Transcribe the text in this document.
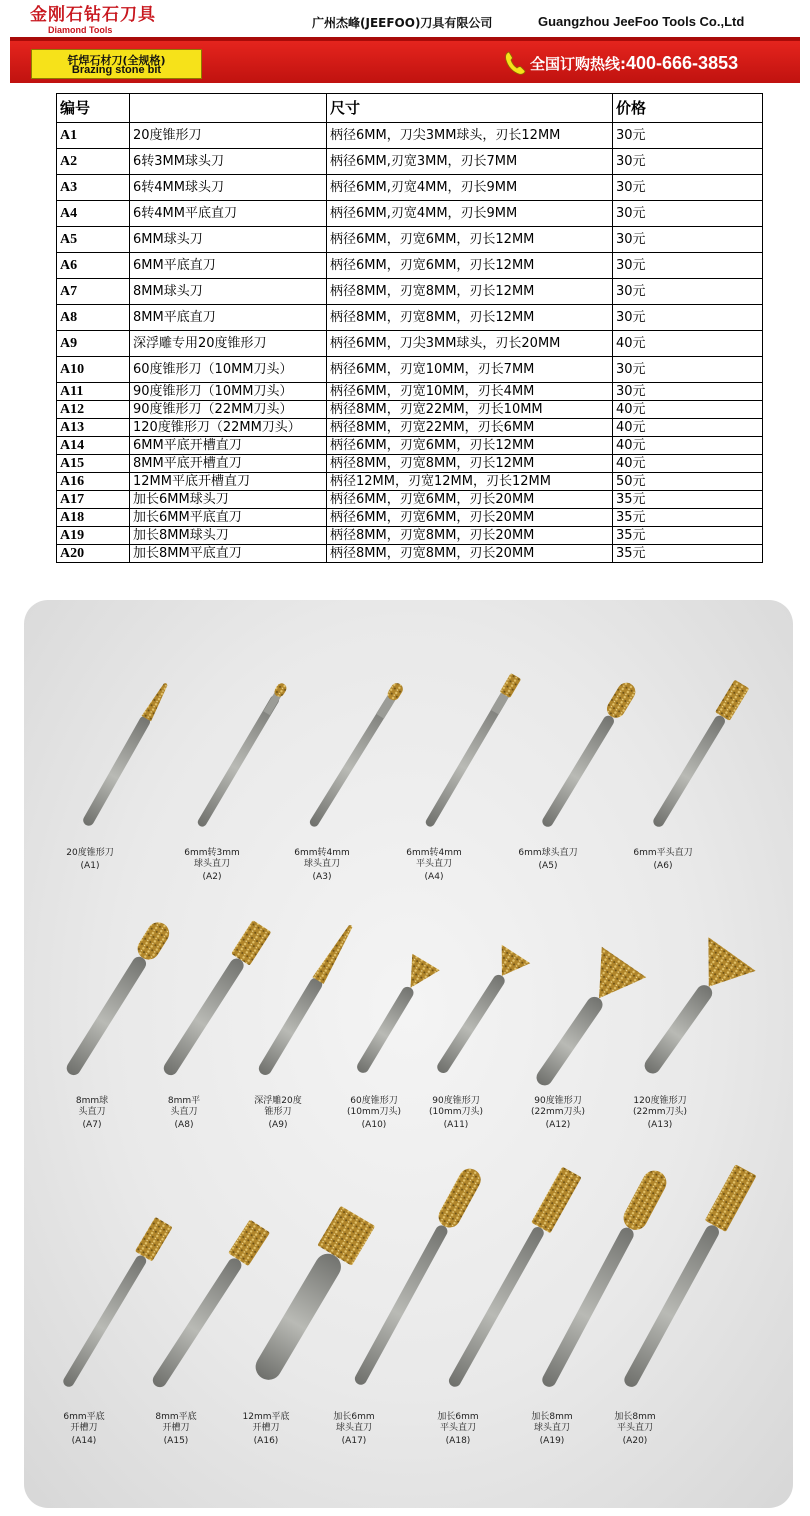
金刚石钻石刀具
Diamond Tools	广州杰峰(JEEFOO)刀具有限公司	Guangzhou JeeFoo Tools Co.,Ltd
钎焊石材刀(全规格)
Brazing stone bit	全国订购热线:400-666-3853
编号		尺寸	价格
A1	20度锥形刀	柄径6MM，刀尖3MM球头，刃长12MM	30元
A2	6转3MM球头刀	柄径6MM,刃宽3MM，刃长7MM	30元
A3	6转4MM球头刀	柄径6MM,刃宽4MM，刃长9MM	30元
A4	6转4MM平底直刀	柄径6MM,刃宽4MM，刃长9MM	30元
A5	6MM球头刀	柄径6MM，刃宽6MM，刃长12MM	30元
A6	6MM平底直刀	柄径6MM，刃宽6MM，刃长12MM	30元
A7	8MM球头刀	柄径8MM，刃宽8MM，刃长12MM	30元
A8	8MM平底直刀	柄径8MM，刃宽8MM，刃长12MM	30元
A9	深浮雕专用20度锥形刀	柄径6MM，刀尖3MM球头，刃长20MM	40元
A10	60度锥形刀（10MM刀头）	柄径6MM，刃宽10MM，刃长7MM	30元
A11	90度锥形刀（10MM刀头）	柄径6MM，刃宽10MM，刃长4MM	30元
A12	90度锥形刀（22MM刀头）	柄径8MM，刃宽22MM，刃长10MM	40元
A13	120度锥形刀（22MM刀头）	柄径8MM，刃宽22MM，刃长6MM	40元
A14	6MM平底开槽直刀	柄径6MM，刃宽6MM，刃长12MM	40元
A15	8MM平底开槽直刀	柄径8MM，刃宽8MM，刃长12MM	40元
A16	12MM平底开槽直刀	柄径12MM，刃宽12MM，刃长12MM	50元
A17	加长6MM球头刀	柄径6MM，刃宽6MM，刃长20MM	35元
A18	加长6MM平底直刀	柄径6MM，刃宽6MM，刃长20MM	35元
A19	加长8MM球头刀	柄径8MM，刃宽8MM，刃长20MM	35元
A20	加长8MM平底直刀	柄径8MM，刃宽8MM，刃长20MM	35元
20度锥形刀
(A1)
6mm转3mm
球头直刀
(A2)
6mm转4mm
球头直刀
(A3)
6mm转4mm
平头直刀
(A4)
6mm球头直刀
(A5)
6mm平头直刀
(A6)
8mm球
头直刀
(A7)
8mm平
头直刀
(A8)
深浮雕20度
锥形刀
(A9)
60度锥形刀
(10mm刀头)
(A10)
90度锥形刀
(10mm刀头)
(A11)
90度锥形刀
(22mm刀头)
(A12)
120度锥形刀
(22mm刀头)
(A13)
6mm平底
开槽刀
(A14)
8mm平底
开槽刀
(A15)
12mm平底
开槽刀
(A16)
加长6mm
球头直刀
(A17)
加长6mm
平头直刀
(A18)
加长8mm
球头直刀
(A19)
加长8mm
平头直刀
(A20)
